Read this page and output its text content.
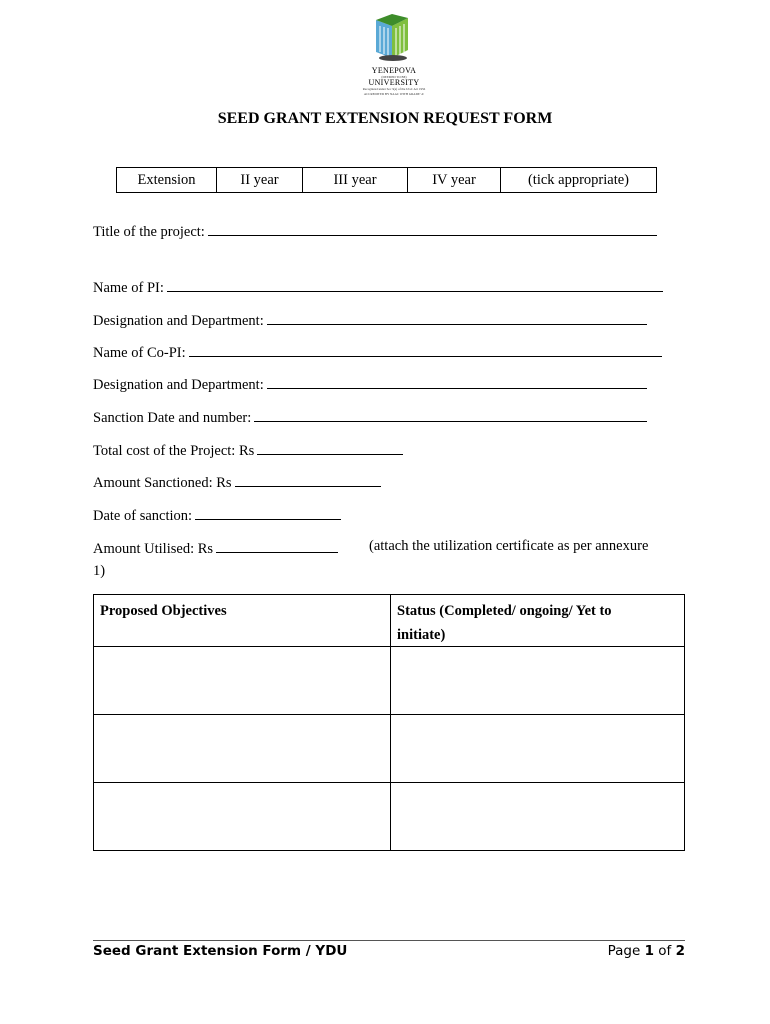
YENEPOVA
(DEEMED TO BE)
UNIVERSITY
Recognized under Sec 3(a) of the UGC Act 1956
ACCREDITED BY NAAC WITH GRADE 'A'
SEED GRANT EXTENSION REQUEST FORM
Extension	II year	III year	IV year	(tick appropriate)
Title of the project:
Name of PI:
Designation and Department:
Name of Co-PI:
Designation and Department:
Sanction Date and number:
Total cost of the Project: Rs
Amount Sanctioned: Rs
Date of sanction:
Amount Utilised: Rs	(attach the utilization certificate as per annexure
1)
Proposed Objectives	Status (Completed/ ongoing/ Yet to
initiate)
Seed Grant Extension Form / YDU	Page 1 of 2
